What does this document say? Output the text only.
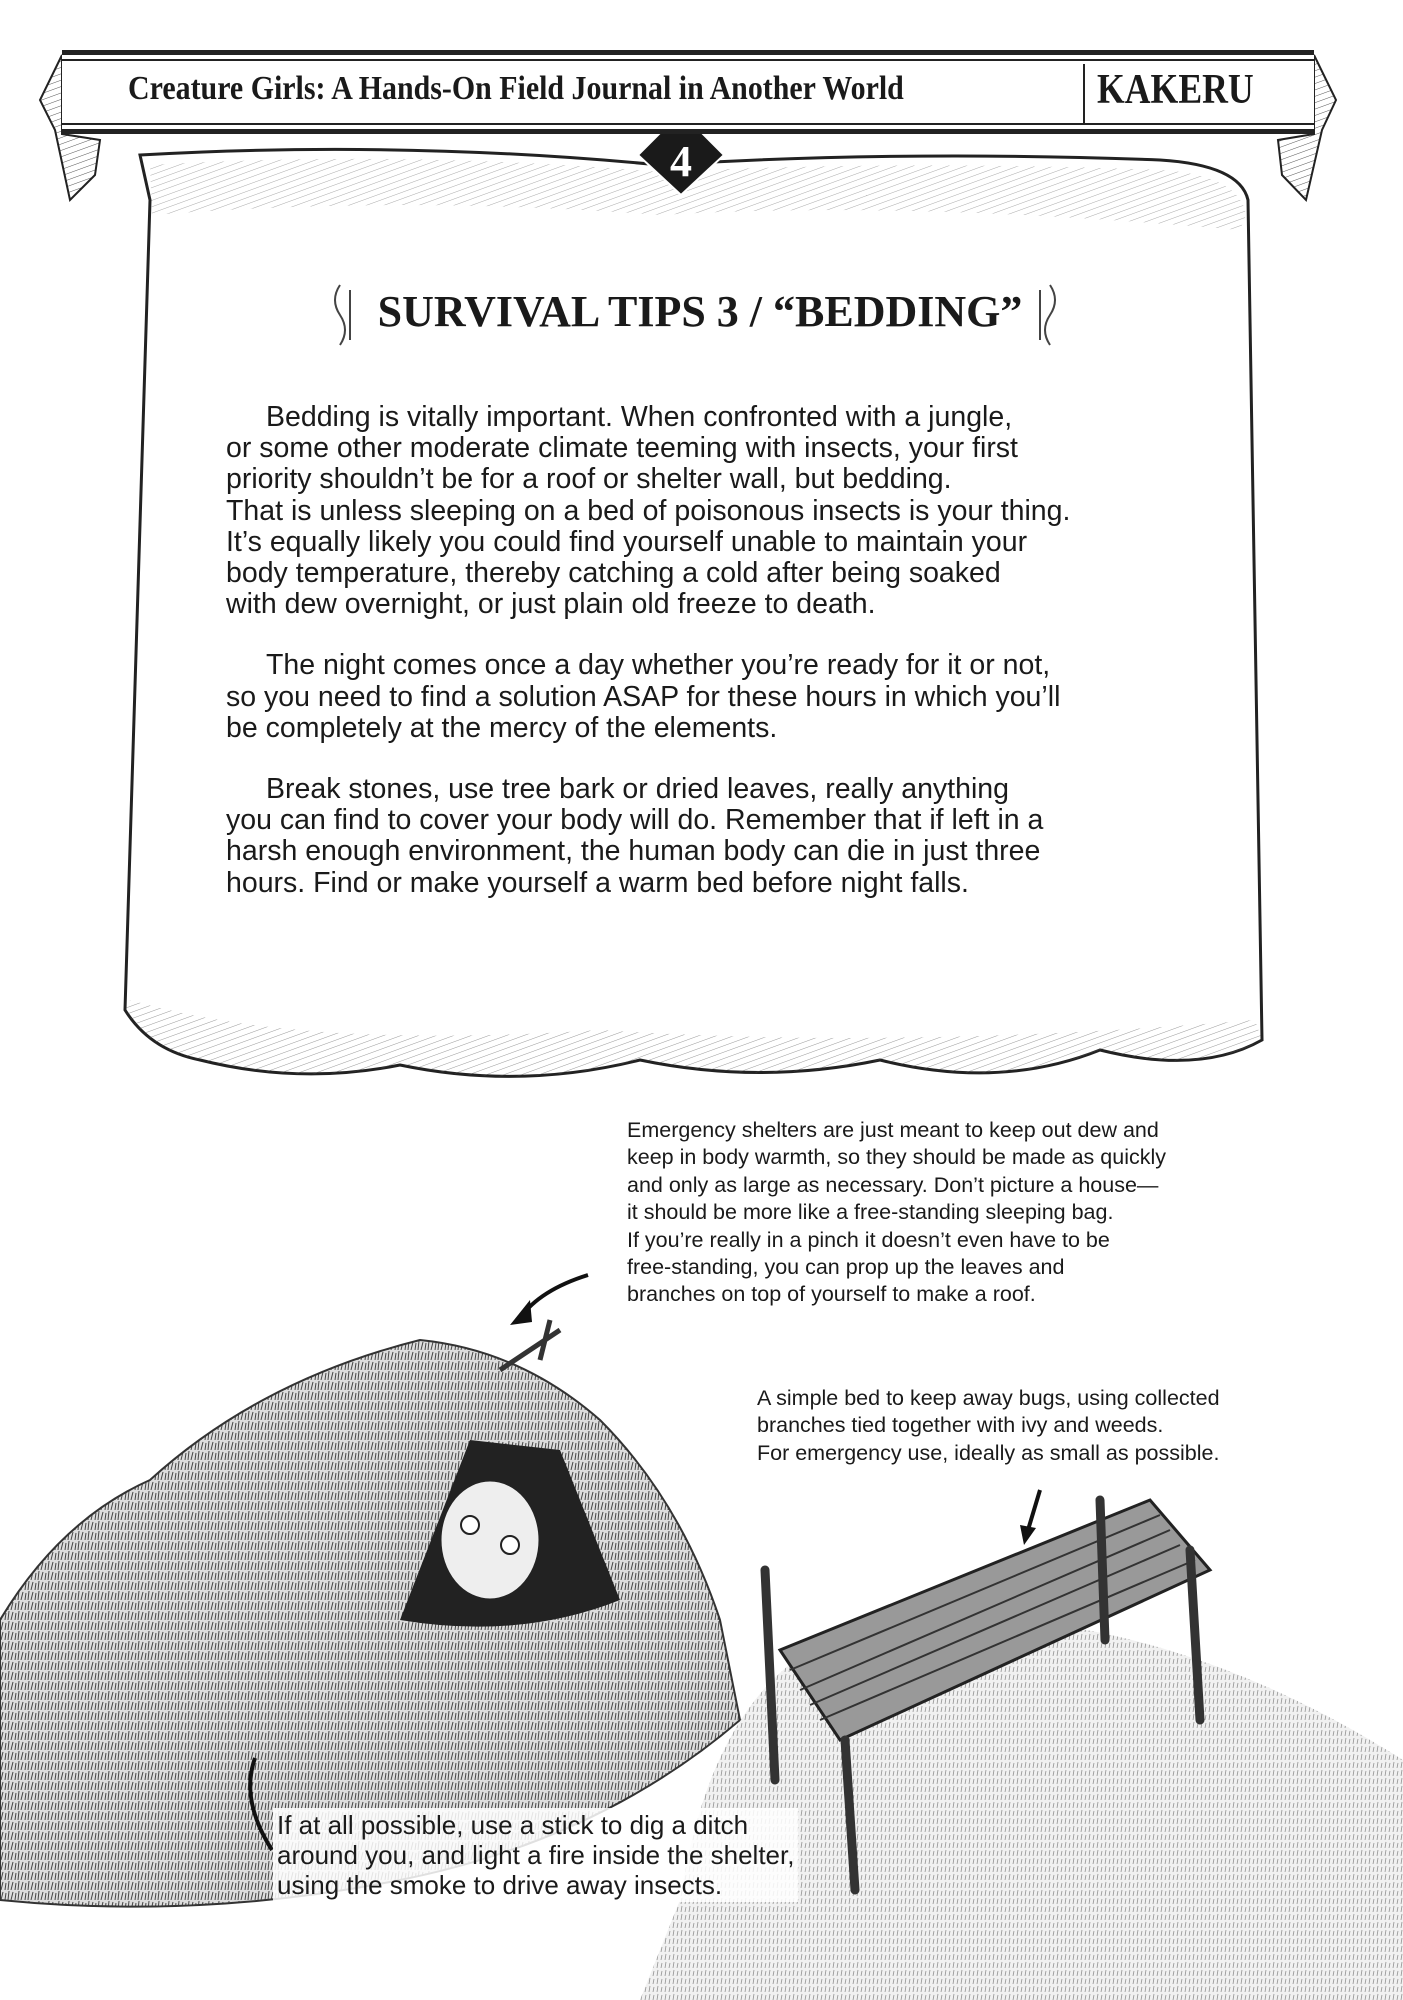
Creature Girls: A Hands-On Field Journal in Another World	KAKERU
4
SURVIVAL TIPS 3 / “BEDDING”

Bedding is vitally important. When confronted with a jungle,
or some other moderate climate teeming with insects, your first
priority shouldn’t be for a roof or shelter wall, but bedding.
That is unless sleeping on a bed of poisonous insects is your thing.
It’s equally likely you could find yourself unable to maintain your
body temperature, thereby catching a cold after being soaked
with dew overnight, or just plain old freeze to death.

The night comes once a day whether you’re ready for it or not,
so you need to find a solution ASAP for these hours in which you’ll
be completely at the mercy of the elements.

Break stones, use tree bark or dried leaves, really anything
you can find to cover your body will do. Remember that if left in a
harsh enough environment, the human body can die in just three
hours. Find or make yourself a warm bed before night falls.

Emergency shelters are just meant to keep out dew and
keep in body warmth, so they should be made as quickly
and only as large as necessary. Don’t picture a house—
it should be more like a free-standing sleeping bag.
If you’re really in a pinch it doesn’t even have to be
free-standing, you can prop up the leaves and
branches on top of yourself to make a roof.
A simple bed to keep away bugs, using collected
branches tied together with ivy and weeds.
For emergency use, ideally as small as possible.
If at all possible, use a stick to dig a ditch
around you, and light a fire inside the shelter,
using the smoke to drive away insects.
